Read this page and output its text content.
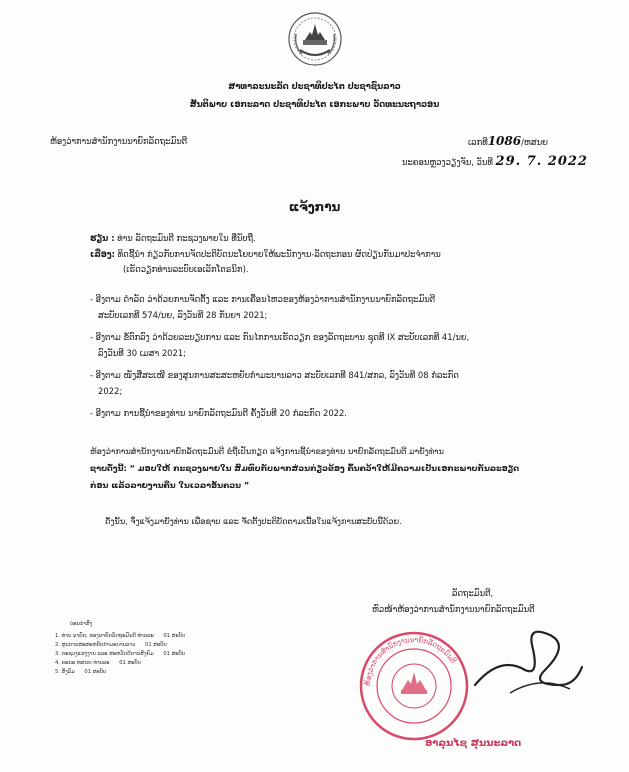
ສາທາລະນະລັດ ປະຊາທິປະໄຕ ປະຊາຊົນລາວ
ສັນຕິພາບ ເອກະລາດ ປະຊາທິປະໄຕ ເອກະພາບ ວັດທະນະຖາວອນ
ຫ້ອງວ່າການສຳນັກງານນາຍົກລັດຖະມົນຕີ	ເລກທີ1086/ຫສນຍ
ນະຄອນຫຼວງວຽງຈັນ, ວັນທີ 29. 7. 2022
ແຈ້ງການ
ຮຽນ : ທ່ານ ລັດຖະມົນຕີ ກະຊວງພາຍໃນ ທີ່ນັບຖື.
ເລື່ອງ: ທິດຊີ້ນຳ ກ່ຽວກັບການຈັດປະຕິບັດນະໂຍບາຍໃຫ້ພະນັກງານ-ລັດຖະກອນ ຜັດປ່ຽນກັນມາປະຈຳການ
(ເຮັດວຽກທ່ານລະບົບເອເລັກໂຕຣນິກ).
- ອີງຕາມ ດຳລັດ ວ່າດ້ວຍການຈັດຕັ້ງ ແລະ ການເຄື່ອນໄຫວຂອງຫ້ອງວ່າການສຳນັກງານນາຍົກລັດຖະມົນຕີ
ສະບັບເລກທີ 574/ນຍ, ລົງວັນທີ 28 ກັນຍາ 2021;
- ອີງຕາມ ຂໍ້ຕົກລົງ ວ່າດ້ວຍລະບຽບການ ແລະ ກົນໄກການເຮັດວຽກ ຂອງລັດຖະບານ ຊຸດທີ IX ສະບັບເລກທີ 41/ນຍ,
ລົງວັນທີ 30 ເມສາ 2021;
- ອີງຕາມ ໜັງສືສະເໜີ ຂອງສູນການສະສະຫຍັບກຳມະບານລາວ ສະບັບເລກທີ 841/ສກລ, ລົງວັນທີ 08 ກໍລະກົດ
2022;
- ອີງຕາມ ການຊີ້ນຳຂອງທ່ານ ນາຍົກລັດຖະມົນຕີ ຄັ້ງວັນທີ 20 ກໍລະກົດ 2022.
ຫ້ອງວ່າການສຳນັກງານນາຍົກລັດຖະມົນຕີ ຂໍຖືເປັນກຽດ ແຈ້ງການຊີ້ນຳຂອງທ່ານ ນາຍົກລັດຖະມົນຕີ ມາຍັງທ່ານ
ຊາບດັ່ງນີ້: “ ມອບໃຫ້ ກະຊວງພາຍໃນ ສົມທົບກັບພາກສ່ວນກ່ຽວຂ້ອງ ຄົ້ນຄວ້າໃຫ້ມີຄວາມເປັນເອກະພາບກັນລະອຽດ
ກ່ອນ ແລ້ວລາຍງານຄືນ ໃນເວລາອັນຄວນ ”
ດັ່ງນັ້ນ, ຈຶ່ງແຈ້ງມາຍັງທ່ານ ເພື່ອຊາບ ແລະ ຈັດຕັ້ງປະຕິບັດຕາມເນື້ອໃນແຈ້ງການສະບັບນີ້ດ້ວຍ.
ລັດຖະມົນຕີ,
ຫົວໜ້າຫ້ອງວ່າການສຳນັກງານນາຍົກລັດຖະມົນຕີ
ຫ້ອງວ່າການສຳນັກງານນາຍົກລັດຖະມົນຕີ
ອາລຸນໄຊ ສຸນນະລາດ
ບ່ອນນຳສົ່ງ
1. ທ່ານ ນາຍົກ, ຮອງນາຍົກລັດຖະມົນຕີ ທ່ານລະ 01 ສະບັບ
2. ສູນການສະສະຫຍັບກຳມະບານລາວ 01 ສະບັບ
3. ກະຊວງແຮງງານ ແລະ ສະຫວັດດີການສັງຄົມ 01 ສະບັບ
4. ຄະນະ ຫສນຍ ທ່ານລະ 01 ສະບັບ
5. ສັງລົມ 01 ສະບັບ
